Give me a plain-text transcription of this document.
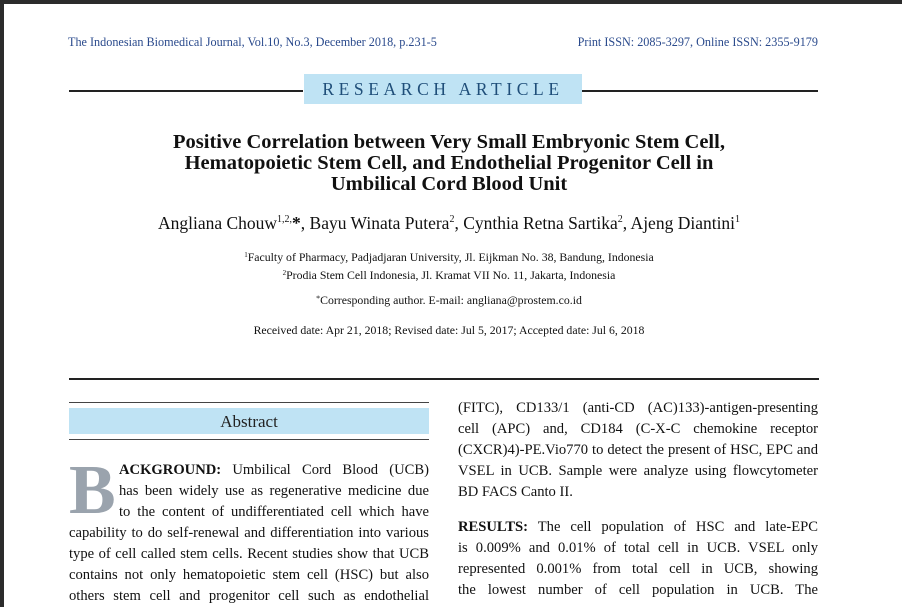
The Indonesian Biomedical Journal, Vol.10, No.3, December 2018, p.231-5	Print ISSN: 2085-3297, Online ISSN: 2355-9179
RESEARCH ARTICLE
Positive Correlation between Very Small Embryonic Stem Cell,
Hematopoietic Stem Cell, and Endothelial Progenitor Cell in
Umbilical Cord Blood Unit
Angliana Chouw$^{1,2,}$*, Bayu Winata Putera$^2$, Cynthia Retna Sartika$^2$, Ajeng Diantini$^1$
$^1$Faculty of Pharmacy, Padjadjaran University, Jl. Eijkman No. 38, Bandung, Indonesia
$^2$Prodia Stem Cell Indonesia, Jl. Kramat VII No. 11, Jakarta, Indonesia
*Corresponding author. E-mail: angliana@prostem.co.id
Received date: Apr 21, 2018; Revised date: Jul 5, 2017; Accepted date: Jul 6, 2018
Abstract
B ACKGROUND: Umbilical Cord Blood (UCB)
has been widely use as regenerative medicine due
to the content of undifferentiated cell which have
capability to do self-renewal and differentiation into various
type of cell called stem cells. Recent studies show that UCB
contains not only hematopoietic stem cell (HSC) but also
others stem cell and progenitor cell such as endothelial
(FITC), CD133/1 (anti-CD (AC)133)-antigen-presenting
cell (APC) and, CD184 (C-X-C chemokine receptor
(CXCR)4)-PE.Vio770 to detect the present of HSC, EPC and
VSEL in UCB. Sample were analyze using flowcytometer
BD FACS Canto II.
RESULTS: The cell population of HSC and late-EPC
is 0.009% and 0.01% of total cell in UCB. VSEL only
represented 0.001% from total cell in UCB, showing
the lowest number of cell population in UCB. The
